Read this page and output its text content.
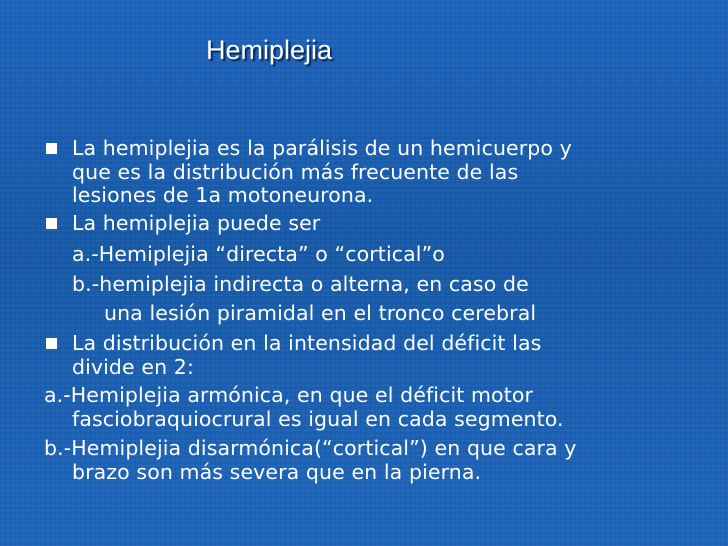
Hemiplejia

La hemiplejia es la parálisis de un hemicuerpo y

que es la distribución más frecuente de las

lesiones de 1a motoneurona.

La hemiplejia puede ser

a.-Hemiplejia “directa” o “cortical”o

b.-hemiplejia indirecta o alterna, en caso de

una lesión piramidal en el tronco cerebral

La distribución en la intensidad del déficit las

divide en 2:

a.-Hemiplejia armónica, en que el déficit motor

fasciobraquiocrural es igual en cada segmento.

b.-Hemiplejia disarmónica(“cortical”) en que cara y

brazo son más severa que en la pierna.
